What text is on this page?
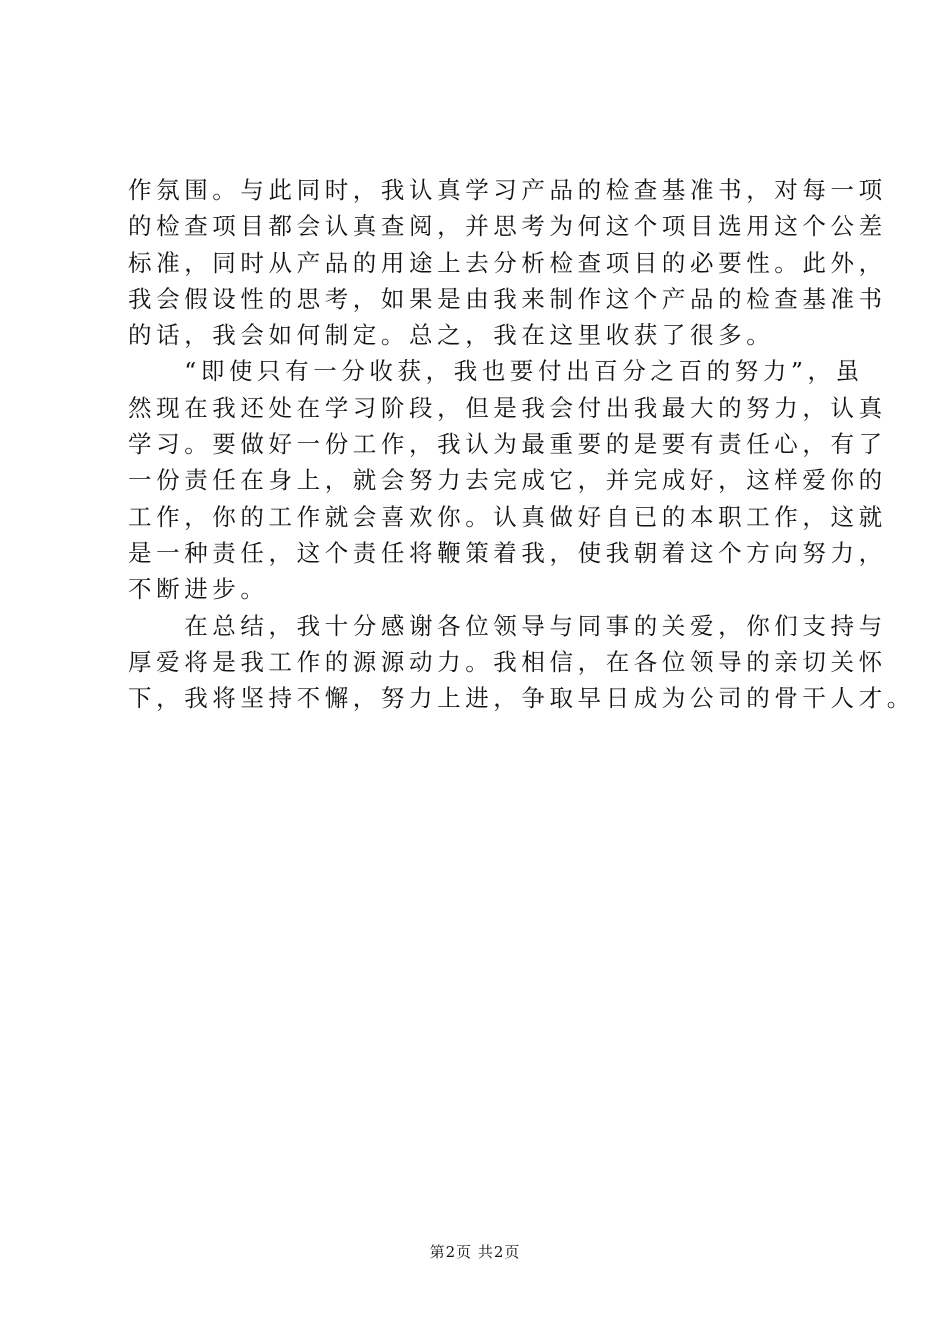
作氛围。与此同时，我认真学习产品的检查基准书，对每一项
的检查项目都会认真查阅，并思考为何这个项目选用这个公差
标准，同时从产品的用途上去分析检查项目的必要性。此外，
我会假设性的思考，如果是由我来制作这个产品的检查基准书
的话，我会如何制定。总之，我在这里收获了很多。
　　“即使只有一分收获，我也要付出百分之百的努力”，虽
然现在我还处在学习阶段，但是我会付出我最大的努力，认真
学习。要做好一份工作，我认为最重要的是要有责任心，有了
一份责任在身上，就会努力去完成它，并完成好，这样爱你的
工作，你的工作就会喜欢你。认真做好自已的本职工作，这就
是一种责任，这个责任将鞭策着我，使我朝着这个方向努力，
不断进步。
　　在总结，我十分感谢各位领导与同事的关爱，你们支持与
厚爱将是我工作的源源动力。我相信，在各位领导的亲切关怀
下，我将坚持不懈，努力上进，争取早日成为公司的骨干人才。
第2页 共2页
